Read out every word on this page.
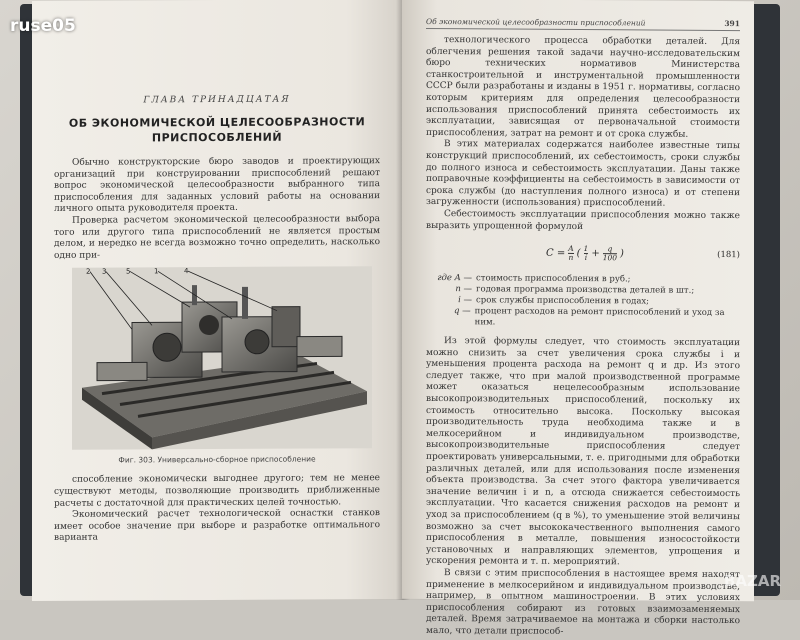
ГЛАВА ТРИНАДЦАТАЯ
ОБ ЭКОНОМИЧЕСКОЙ ЦЕЛЕСООБРАЗНОСТИ
ПРИСПОСОБЛЕНИЙ

Обычно конструкторские бюро заводов и проектирующих организаций при конструировании приспособлений решают вопрос экономической целесообразности выбранного типа приспособления для заданных условий работы на основании личного опыта руководителя проекта.

Проверка расчетом экономической целесообразности выбора того или другого типа приспособлений не является простым делом, и нередко не всегда возможно точно определить, насколько одно при-

2 3	5	1	4
Фиг. 303. Универсально-сборное приспособление

способление экономически выгоднее другого; тем не менее существуют методы, позволяющие производить приближенные расчеты с достаточной для практических целей точностью.

Экономический расчет технологической оснастки станков имеет особое значение при выборе и разработке оптимального варианта

Об экономической целесообразности приспособлений	391

технологического процесса обработки деталей. Для облегчения решения такой задачи научно-исследовательским бюро технических нормативов Министерства станкостроительной и инструментальной промышленности СССР были разработаны и изданы в 1951 г. нормативы, согласно которым критериям для определения целесообразности использования приспособлений принята себестоимость их эксплуатации, зависящая от первоначальной стоимости приспособления, затрат на ремонт и от срока службы.

В этих материалах содержатся наиболее известные типы конструкций приспособлений, их себестоимость, сроки службы до полного износа и себестоимость эксплуатации. Даны также поправочные коэффициенты на себестоимость в зависимости от срока службы (до наступления полного износа) и от степени загруженности (использования) приспособлений.

Себестоимость эксплуатации приспособления можно также выразить упрощенной формулой

$C = \frac{A}{n}$ ( $\frac{1}{i} + \frac{q}{100}$ )	(181)
где A — стоимость приспособления в руб.;
n — годовая программа производства деталей в шт.;
i — срок службы приспособления в годах;
q — процент расходов на ремонт приспособлений и уход за ним.

Из этой формулы следует, что стоимость эксплуатации можно снизить за счет увеличения срока службы i и уменьшения процента расхода на ремонт q и др. Из этого следует также, что при малой производственной программе может оказаться нецелесообразным использование высокопроизводительных приспособлений, поскольку их стоимость относительно высока. Поскольку высокая производительность труда необходима также и в мелкосерийном и индивидуальном производстве, высокопроизводительные приспособления следует проектировать универсальными, т. е. пригодными для обработки различных деталей, или для использования после изменения объекта производства. За счет этого фактора увеличивается значение величин i и n, а отсюда снижается себестоимость эксплуатации. Что касается снижения расходов на ремонт и уход за приспособлением (q в %), то уменьшение этой величины возможно за счет высококачественного выполнения самого приспособления в металле, повышения износостойкости установочных и направляющих элементов, упрощения и ускорения ремонта и т. п. мероприятий.

В связи с этим приспособления в настоящее время находят применение в мелкосерийном и индивидуальном производстве, например, в опытном машиностроении. В этих условиях приспособления собирают из готовых взаимозаменяемых деталей. Время затрачиваемое на монтажа и сборки настолько мало, что детали приспособ-

ruse05
BAZAR
